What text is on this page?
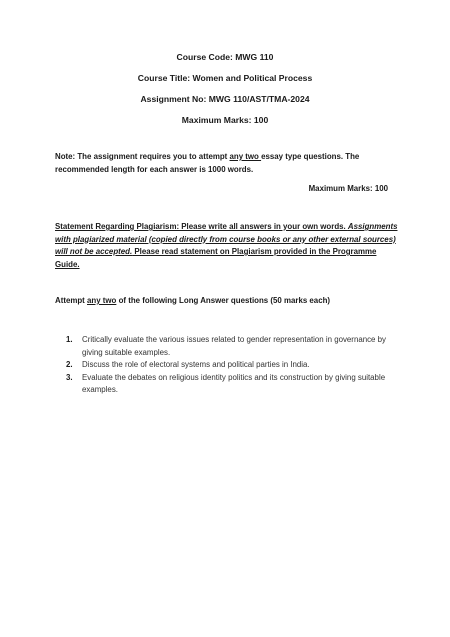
Course Code: MWG 110
Course Title: Women and Political Process
Assignment No: MWG 110/AST/TMA-2024
Maximum Marks: 100
Note: The assignment requires you to attempt any two essay type questions. The recommended length for each answer is 1000 words.
Maximum Marks: 100
Statement Regarding Plagiarism: Please write all answers in your own words. Assignments with plagiarized material (copied directly from course books or any other external sources) will not be accepted. Please read statement on Plagiarism provided in the Programme Guide.
Attempt any two of the following Long Answer questions (50 marks each)
1.	Critically evaluate the various issues related to gender representation in governance by giving suitable examples.
2.	Discuss the role of electoral systems and political parties in India.
3.	Evaluate the debates on religious identity politics and its construction by giving suitable examples.
